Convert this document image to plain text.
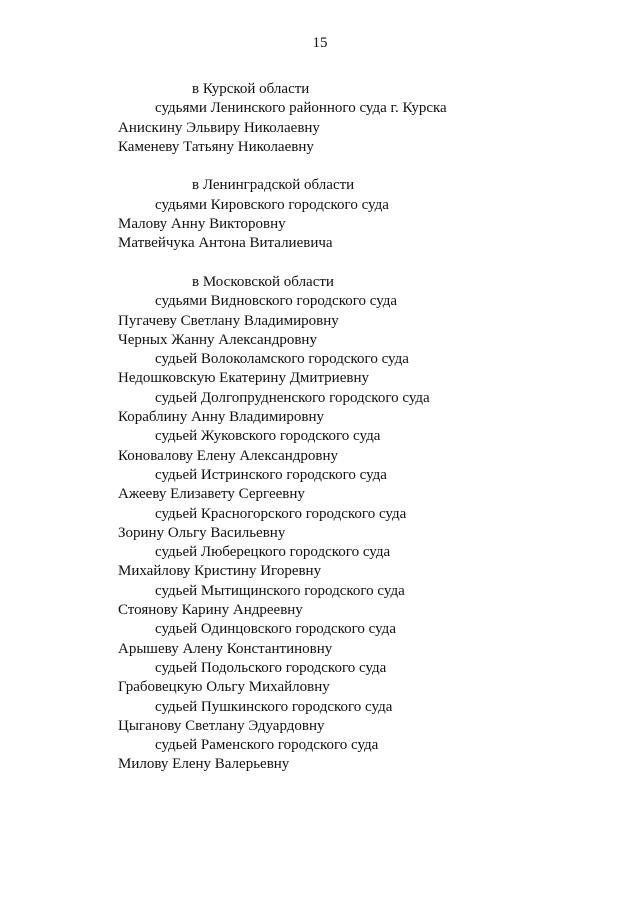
15
в Курской области
судьями Ленинского районного суда г. Курска
Анискину Эльвиру Николаевну
Каменеву Татьяну Николаевну
в Ленинградской области
судьями Кировского городского суда
Малову Анну Викторовну
Матвейчука Антона Виталиевича
в Московской области
судьями Видновского городского суда
Пугачеву Светлану Владимировну
Черных Жанну Александровну
судьей Волоколамского городского суда
Недошковскую Екатерину Дмитриевну
судьей Долгопрудненского городского суда
Кораблину Анну Владимировну
судьей Жуковского городского суда
Коновалову Елену Александровну
судьей Истринского городского суда
Ажееву Елизавету Сергеевну
судьей Красногорского городского суда
Зорину Ольгу Васильевну
судьей Люберецкого городского суда
Михайлову Кристину Игоревну
судьей Мытищинского городского суда
Стоянову Карину Андреевну
судьей Одинцовского городского суда
Арышеву Алену Константиновну
судьей Подольского городского суда
Грабовецкую Ольгу Михайловну
судьей Пушкинского городского суда
Цыганову Светлану Эдуардовну
судьей Раменского городского суда
Милову Елену Валерьевну
